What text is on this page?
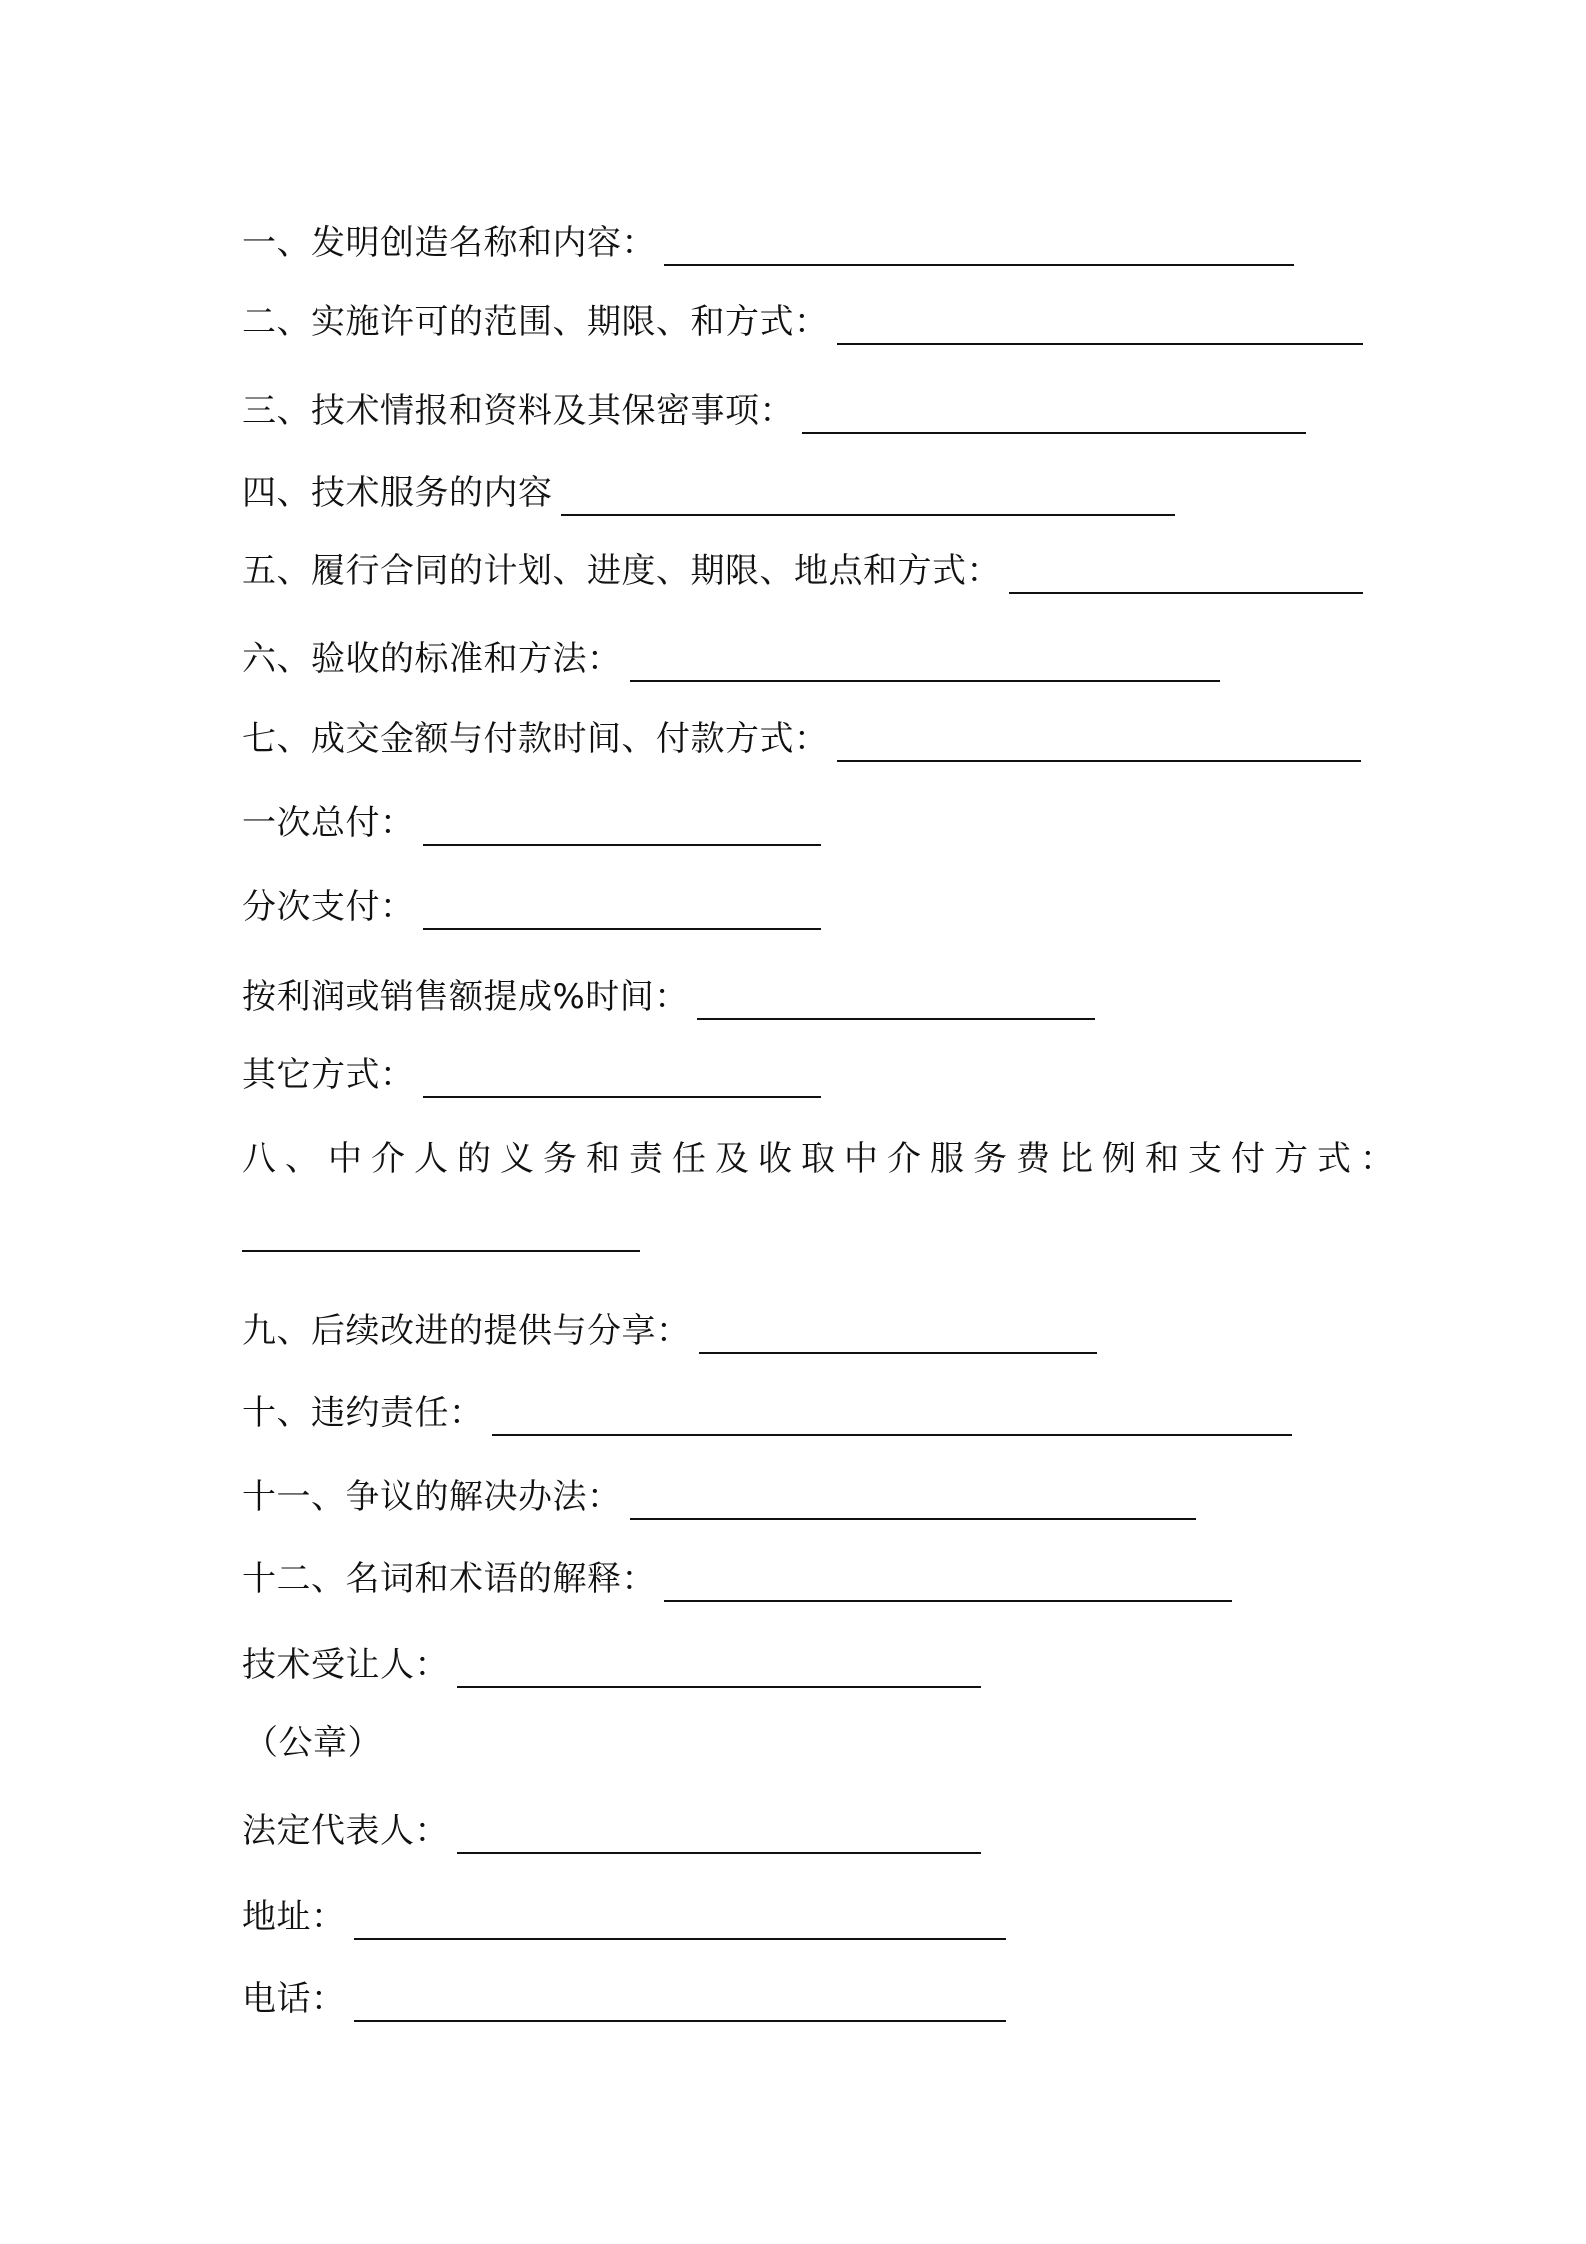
一、发明创造名称和内容：
二、实施许可的范围、期限、和方式：
三、技术情报和资料及其保密事项：
四、技术服务的内容
五、履行合同的计划、进度、期限、地点和方式：
六、验收的标准和方法：
七、成交金额与付款时间、付款方式：
一次总付：
分次支付：
按利润或销售额提成%时间：
其它方式：
八、中介人的义务和责任及收取中介服务费比例和支付方式：
九、后续改进的提供与分享：
十、违约责任：
十一、争议的解决办法：
十二、名词和术语的解释：
技术受让人：
（公章）
法定代表人：
地址：
电话：
